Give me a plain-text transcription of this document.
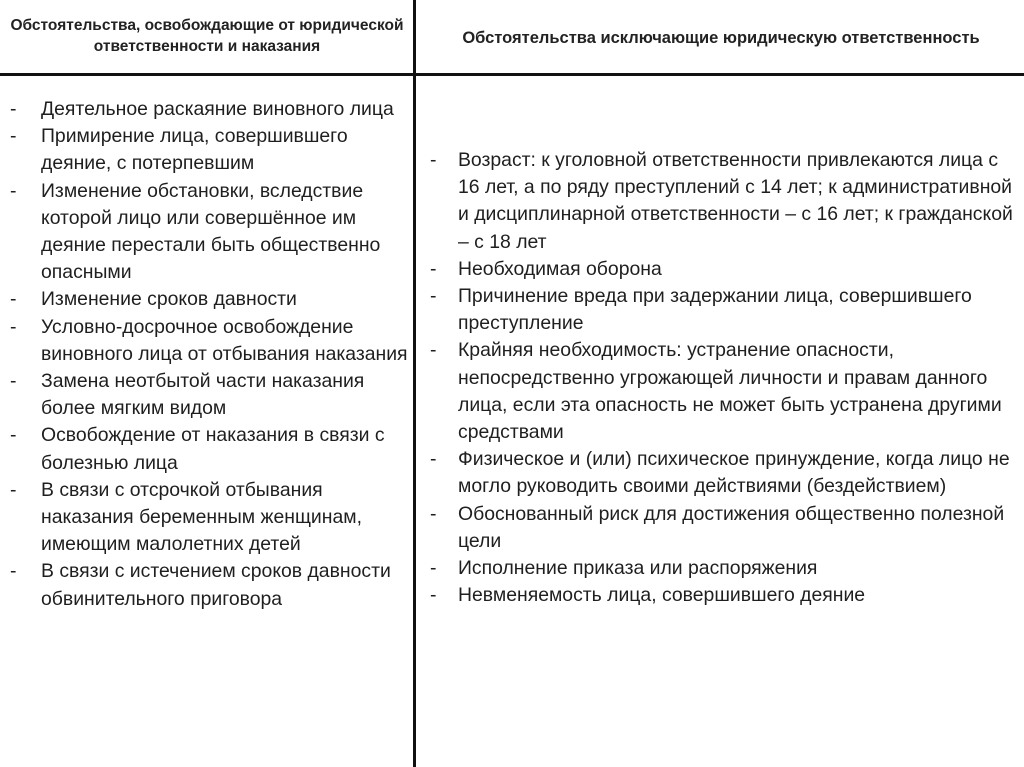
Обстоятельства, освобождающие от юридической ответственности и наказания	Обстоятельства исключающие юридическую ответственность
- Деятельное раскаяние виновного лица
- Примирение лица, совершившего деяние, с потерпевшим
- Изменение обстановки, вследствие которой лицо или совершённое им деяние перестали быть общественно опасными
- Изменение сроков давности
- Условно-досрочное освобождение виновного лица от отбывания наказания
- Замена неотбытой части наказания более мягким видом
- Освобождение от наказания в связи с болезнью лица
- В связи с отсрочкой отбывания наказания беременным женщинам, имеющим малолетних детей
- В связи с истечением сроков давности обвинительного приговора
- Возраст: к уголовной ответственности привлекаются лица с 16 лет, а по ряду преступлений с 14 лет; к административной и дисциплинарной ответственности – с 16 лет; к гражданской – с 18 лет
- Необходимая оборона
- Причинение вреда при задержании лица, совершившего преступление
- Крайняя необходимость: устранение опасности, непосредственно угрожающей личности и правам данного лица, если эта опасность не может быть устранена другими средствами
- Физическое и (или) психическое принуждение, когда лицо не могло руководить своими действиями (бездействием)
- Обоснованный риск для достижения общественно полезной цели
- Исполнение приказа или распоряжения
- Невменяемость лица, совершившего деяние
